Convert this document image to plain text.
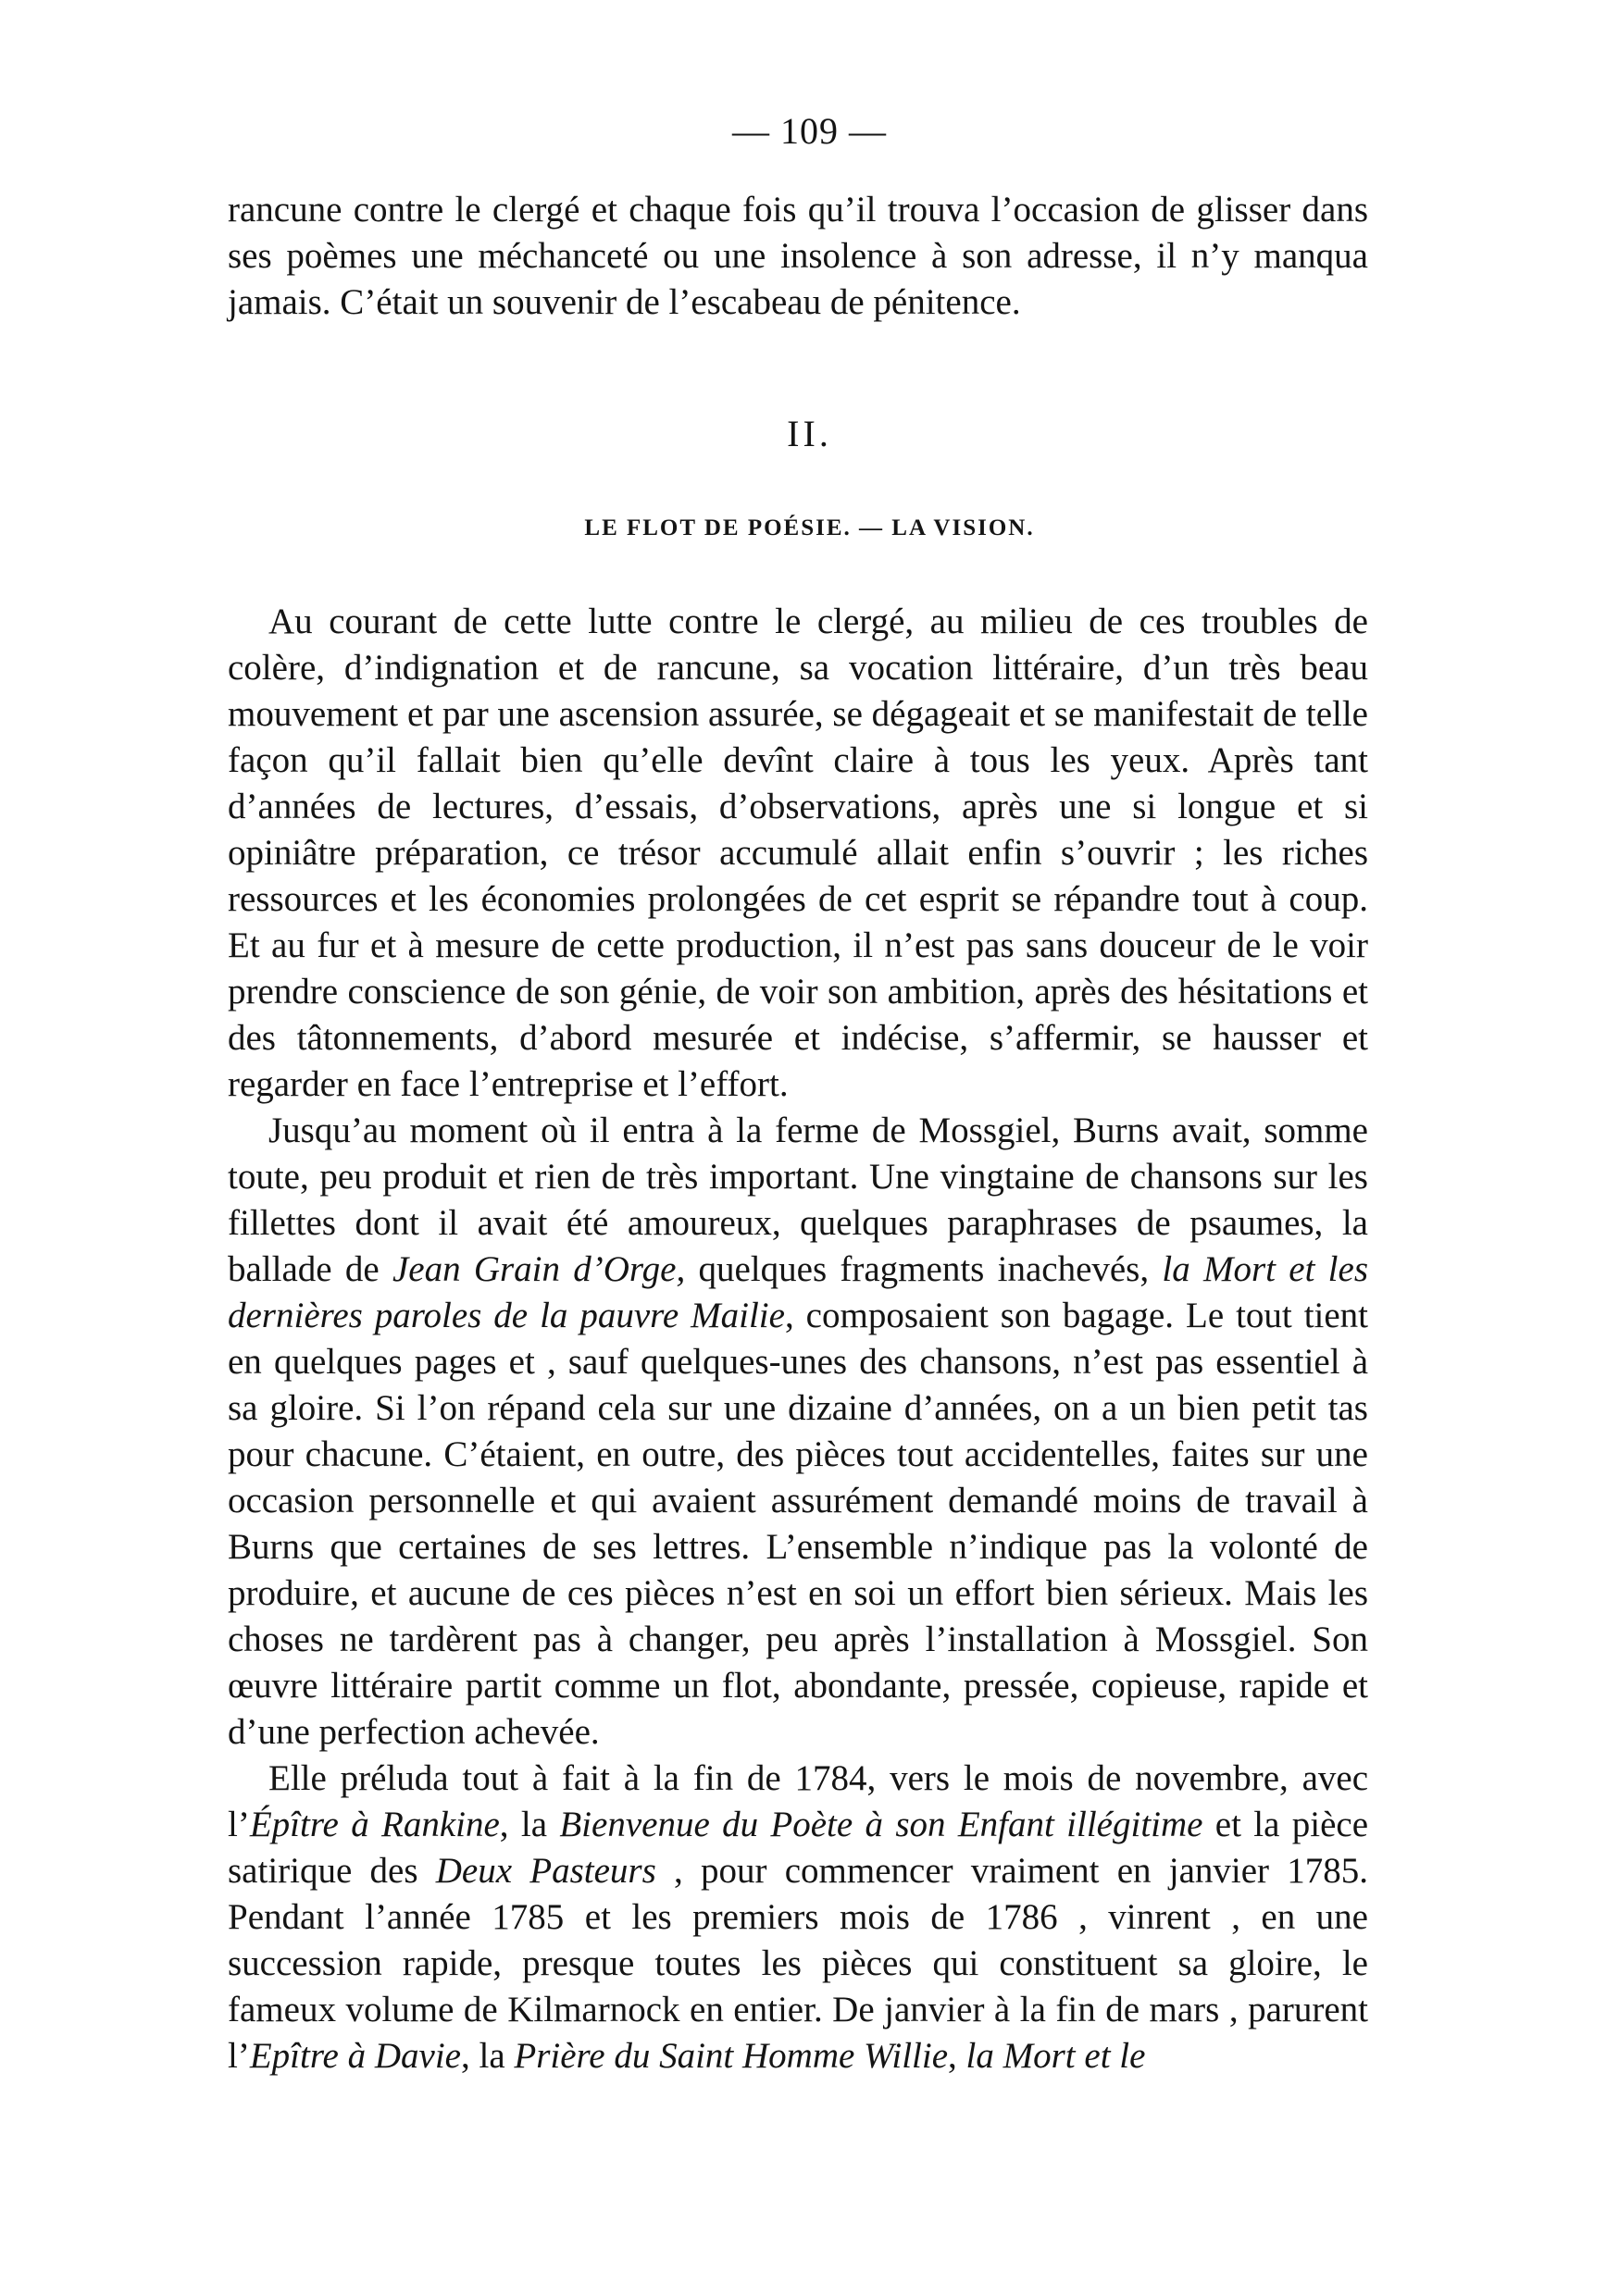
— 109 —

rancune contre le clergé et chaque fois qu’il trouva l’occasion de glisser dans ses poèmes une méchanceté ou une insolence à son adresse, il n’y manqua jamais. C’était un souvenir de l’escabeau de pénitence.

II.
LE FLOT DE POÉSIE. — LA VISION.

Au courant de cette lutte contre le clergé, au milieu de ces troubles de colère, d’indignation et de rancune, sa vocation littéraire, d’un très beau mouvement et par une ascension assurée, se dégageait et se manifestait de telle façon qu’il fallait bien qu’elle devînt claire à tous les yeux. Après tant d’années de lectures, d’essais, d’observations, après une si longue et si opiniâtre préparation, ce trésor accumulé allait enfin s’ouvrir ; les riches ressources et les économies prolongées de cet esprit se répandre tout à coup. Et au fur et à mesure de cette production, il n’est pas sans douceur de le voir prendre conscience de son génie, de voir son ambition, après des hésitations et des tâtonnements, d’abord mesurée et indécise, s’affermir, se hausser et regarder en face l’entreprise et l’effort.

Jusqu’au moment où il entra à la ferme de Mossgiel, Burns avait, somme toute, peu produit et rien de très important. Une vingtaine de chansons sur les fillettes dont il avait été amoureux, quelques paraphrases de psaumes, la ballade de Jean Grain d’Orge, quelques fragments inachevés, la Mort et les dernières paroles de la pauvre Mailie, composaient son bagage. Le tout tient en quelques pages et , sauf quelques-unes des chansons, n’est pas essentiel à sa gloire. Si l’on répand cela sur une dizaine d’années, on a un bien petit tas pour chacune. C’étaient, en outre, des pièces tout accidentelles, faites sur une occasion personnelle et qui avaient assurément demandé moins de travail à Burns que certaines de ses lettres. L’ensemble n’indique pas la volonté de produire, et aucune de ces pièces n’est en soi un effort bien sérieux. Mais les choses ne tardèrent pas à changer, peu après l’installation à Mossgiel. Son œuvre littéraire partit comme un flot, abondante, pressée, copieuse, rapide et d’une perfection achevée.

Elle préluda tout à fait à la fin de 1784, vers le mois de novembre, avec l’Épître à Rankine, la Bienvenue du Poète à son Enfant illégitime et la pièce satirique des Deux Pasteurs , pour commencer vraiment en janvier 1785. Pendant l’année 1785 et les premiers mois de 1786 , vinrent , en une succession rapide, presque toutes les pièces qui constituent sa gloire, le fameux volume de Kilmarnock en entier. De janvier à la fin de mars , parurent l’Epître à Davie, la Prière du Saint Homme Willie, la Mort et le
